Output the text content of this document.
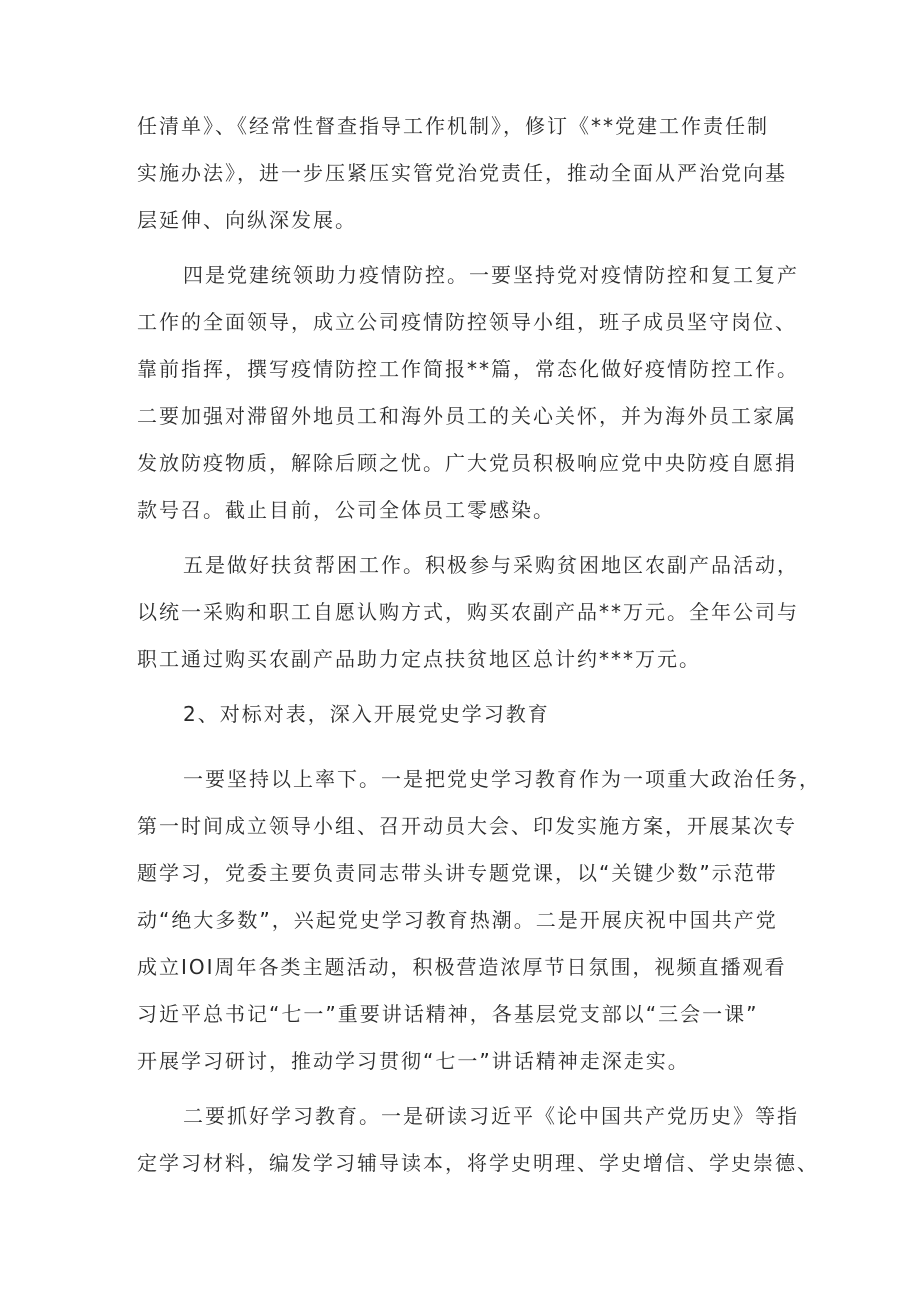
任清单》、《经常性督查指导工作机制》，修订《**党建工作责任制
实施办法》，进一步压紧压实管党治党责任，推动全面从严治党向基
层延伸、向纵深发展。
四是党建统领助力疫情防控。一要坚持党对疫情防控和复工复产
工作的全面领导，成立公司疫情防控领导小组，班子成员坚守岗位、
靠前指挥，撰写疫情防控工作简报**篇，常态化做好疫情防控工作。
二要加强对滞留外地员工和海外员工的关心关怀，并为海外员工家属
发放防疫物质，解除后顾之忧。广大党员积极响应党中央防疫自愿捐
款号召。截止目前，公司全体员工零感染。
五是做好扶贫帮困工作。积极参与采购贫困地区农副产品活动，
以统一采购和职工自愿认购方式，购买农副产品**万元。全年公司与
职工通过购买农副产品助力定点扶贫地区总计约***万元。
2、对标对表，深入开展党史学习教育
一要坚持以上率下。一是把党史学习教育作为一项重大政治任务，
第一时间成立领导小组、召开动员大会、印发实施方案，开展某次专
题学习，党委主要负责同志带头讲专题党课，以“关键少数”示范带
动“绝大多数”，兴起党史学习教育热潮。二是开展庆祝中国共产党
成立IOI周年各类主题活动，积极营造浓厚节日氛围，视频直播观看
习近平总书记“七一”重要讲话精神，各基层党支部以“三会一课”
开展学习研讨，推动学习贯彻“七一”讲话精神走深走实。
二要抓好学习教育。一是研读习近平《论中国共产党历史》等指
定学习材料，编发学习辅导读本，将学史明理、学史增信、学史崇德、
